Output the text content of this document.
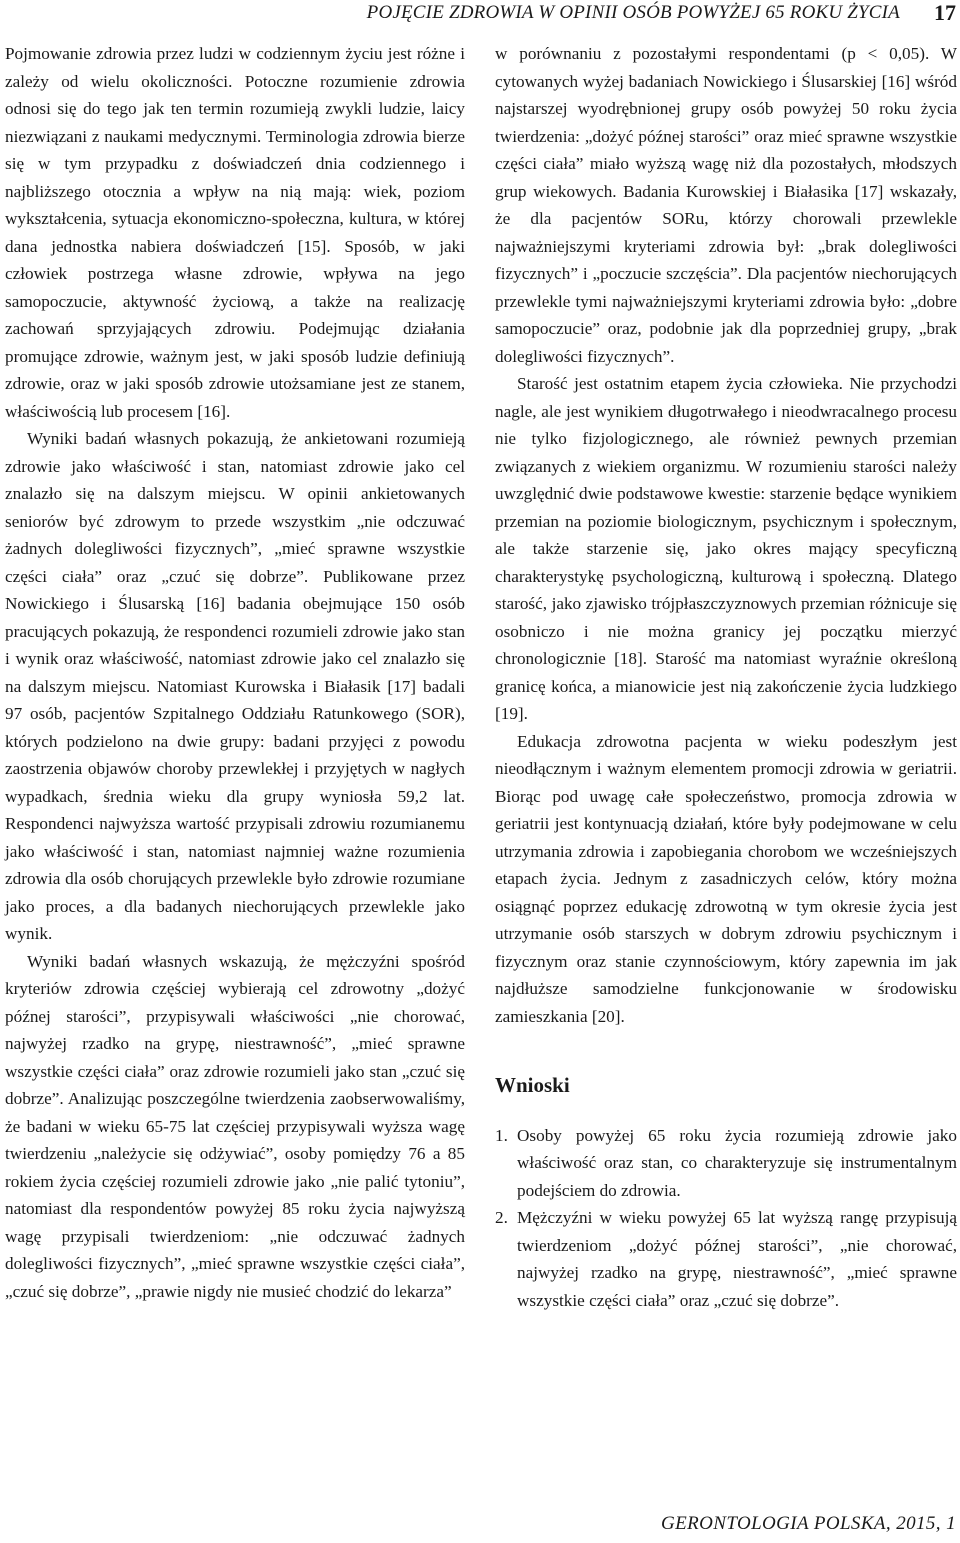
POJĘCIE ZDROWIA W OPINII OSÓB POWYŻEJ 65 ROKU ŻYCIA 17

Pojmowanie zdrowia przez ludzi w codziennym życiu jest różne i zależy od wielu okoliczności. Potoczne rozumienie zdrowia odnosi się do tego jak ten termin rozumieją zwykli ludzie, laicy niezwiązani z naukami medycznymi. Terminologia zdrowia bierze się w tym przypadku z doświadczeń dnia codziennego i najbliższego otocznia a wpływ na nią mają: wiek, poziom wykształcenia, sytuacja ekonomiczno-społeczna, kultura, w której dana jednostka nabiera doświadczeń [15]. Sposób, w jaki człowiek postrzega własne zdrowie, wpływa na jego samopoczucie, aktywność życiową, a także na realizację zachowań sprzyjających zdrowiu. Podejmując działania promujące zdrowie, ważnym jest, w jaki sposób ludzie definiują zdrowie, oraz w jaki sposób zdrowie utożsamiane jest ze stanem, właściwością lub procesem [16].

Wyniki badań własnych pokazują, że ankietowani rozumieją zdrowie jako właściwość i stan, natomiast zdrowie jako cel znalazło się na dalszym miejscu. W opinii ankietowanych seniorów być zdrowym to przede wszystkim „nie odczuwać żadnych dolegliwości fizycznych”, „mieć sprawne wszystkie części ciała” oraz „czuć się dobrze”. Publikowane przez Nowickiego i Ślusarską [16] badania obejmujące 150 osób pracujących pokazują, że respondenci rozumieli zdrowie jako stan i wynik oraz właściwość, natomiast zdrowie jako cel znalazło się na dalszym miejscu. Natomiast Kurowska i Białasik [17] badali 97 osób, pacjentów Szpitalnego Oddziału Ratunkowego (SOR), których podzielono na dwie grupy: badani przyjęci z powodu zaostrzenia objawów choroby przewlekłej i przyjętych w nagłych wypadkach, średnia wieku dla grupy wyniosła 59,2 lat. Respondenci najwyższa wartość przypisali zdrowiu rozumianemu jako właściwość i stan, natomiast najmniej ważne rozumienia zdrowia dla osób chorujących przewlekle było zdrowie rozumiane jako proces, a dla badanych niechorujących przewlekle jako wynik.

Wyniki badań własnych wskazują, że mężczyźni spośród kryteriów zdrowia częściej wybierają cel zdrowotny „dożyć późnej starości”, przypisywali właściwości „nie chorować, najwyżej rzadko na grypę, niestrawność”, „mieć sprawne wszystkie części ciała” oraz zdrowie rozumieli jako stan „czuć się dobrze”. Analizując poszczególne twierdzenia zaobserwowaliśmy, że badani w wieku 65-75 lat częściej przypisywali wyższa wagę twierdzeniu „należycie się odżywiać”, osoby pomiędzy 76 a 85 rokiem życia częściej rozumieli zdrowie jako „nie palić tytoniu”, natomiast dla respondentów powyżej 85 roku życia najwyższą wagę przypisali twierdzeniom: „nie odczuwać żadnych dolegliwości fizycznych”, „mieć sprawne wszystkie części ciała”, „czuć się dobrze”, „prawie nigdy nie musieć chodzić do lekarza”

w porównaniu z pozostałymi respondentami (p < 0,05). W cytowanych wyżej badaniach Nowickiego i Ślusarskiej [16] wśród najstarszej wyodrębnionej grupy osób powyżej 50 roku życia twierdzenia: „dożyć późnej starości” oraz mieć sprawne wszystkie części ciała” miało wyższą wagę niż dla pozostałych, młodszych grup wiekowych. Badania Kurowskiej i Białasika [17] wskazały, że dla pacjentów SORu, którzy chorowali przewlekle najważniejszymi kryteriami zdrowia był: „brak dolegliwości fizycznych” i „poczucie szczęścia”. Dla pacjentów niechorujących przewlekle tymi najważniejszymi kryteriami zdrowia było: „dobre samopoczucie” oraz, podobnie jak dla poprzedniej grupy, „brak dolegliwości fizycznych”.

Starość jest ostatnim etapem życia człowieka. Nie przychodzi nagle, ale jest wynikiem długotrwałego i nieodwracalnego procesu nie tylko fizjologicznego, ale również pewnych przemian związanych z wiekiem organizmu. W rozumieniu starości należy uwzględnić dwie podstawowe kwestie: starzenie będące wynikiem przemian na poziomie biologicznym, psychicznym i społecznym, ale także starzenie się, jako okres mający specyficzną charakterystykę psychologiczną, kulturową i społeczną. Dlatego starość, jako zjawisko trójpłaszczyznowych przemian różnicuje się osobniczo i nie można granicy jej początku mierzyć chronologicznie [18]. Starość ma natomiast wyraźnie określoną granicę końca, a mianowicie jest nią zakończenie życia ludzkiego [19].

Edukacja zdrowotna pacjenta w wieku podeszłym jest nieodłącznym i ważnym elementem promocji zdrowia w geriatrii. Biorąc pod uwagę całe społeczeństwo, promocja zdrowia w geriatrii jest kontynuacją działań, które były podejmowane w celu utrzymania zdrowia i zapobiegania chorobom we wcześniejszych etapach życia. Jednym z zasadniczych celów, który można osiągnąć poprzez edukację zdrowotną w tym okresie życia jest utrzymanie osób starszych w dobrym zdrowiu psychicznym i fizycznym oraz stanie czynnościowym, który zapewnia im jak najdłuższe samodzielne funkcjonowanie w środowisku zamieszkania [20].

Wnioski
1. Osoby powyżej 65 roku życia rozumieją zdrowie jako właściwość oraz stan, co charakteryzuje się instrumentalnym podejściem do zdrowia.
2. Mężczyźni w wieku powyżej 65 lat wyższą rangę przypisują twierdzeniom „dożyć późnej starości”, „nie chorować, najwyżej rzadko na grypę, niestrawność”, „mieć sprawne wszystkie części ciała” oraz „czuć się dobrze”.
GERONTOLOGIA POLSKA, 2015, 1
